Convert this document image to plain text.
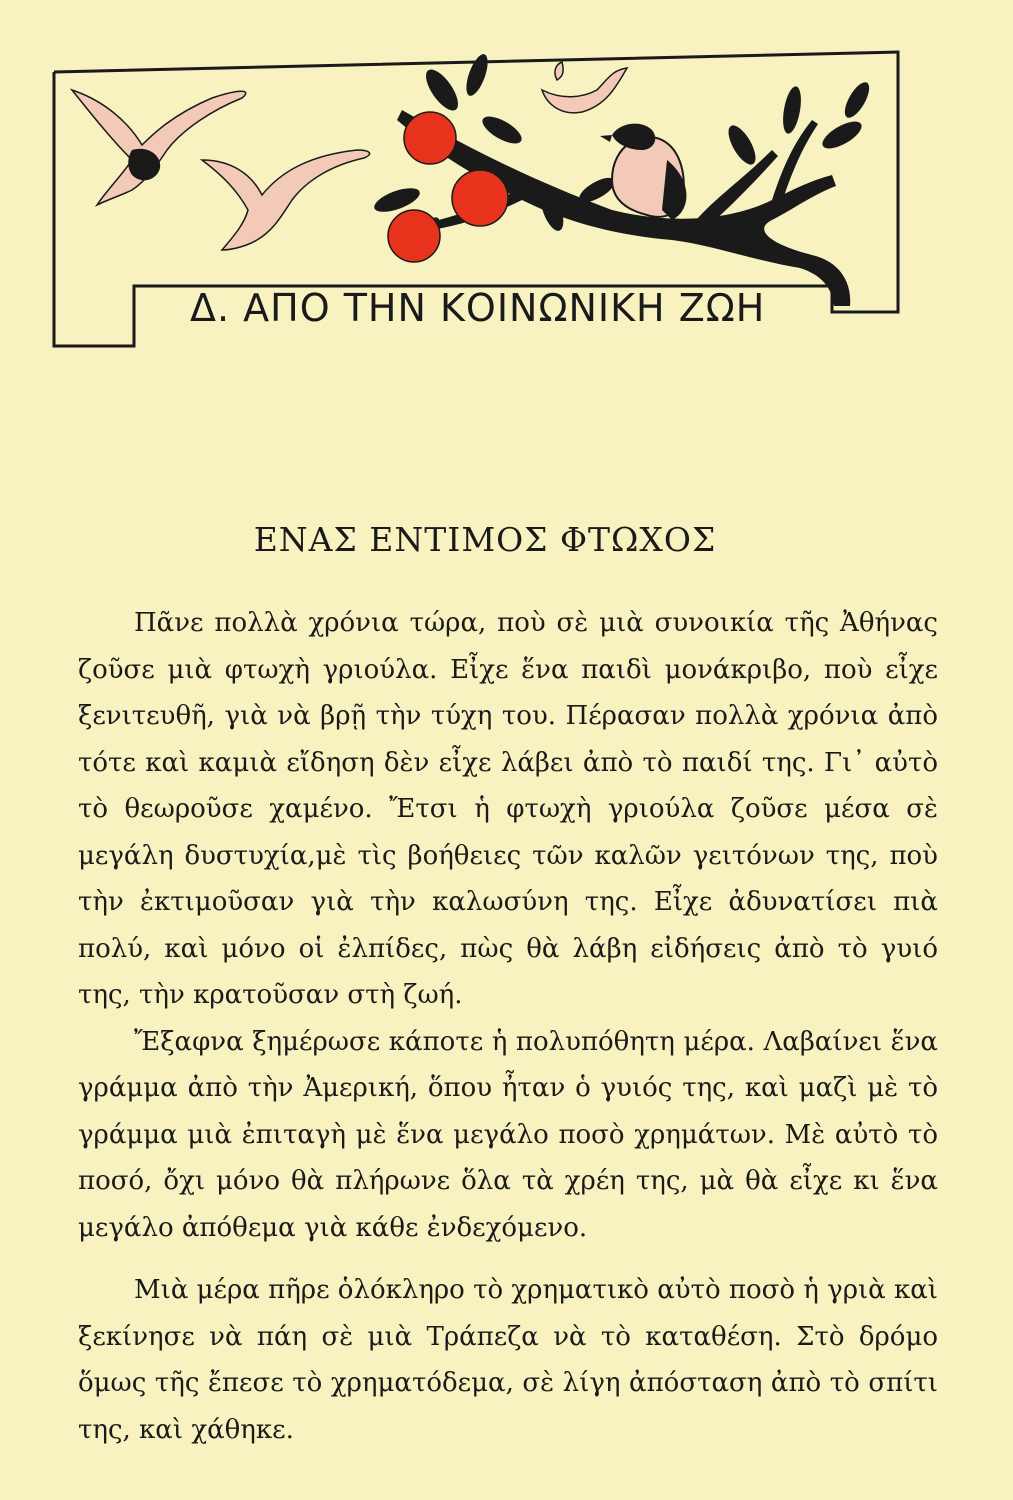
Δ. ΑΠΟ ΤΗΝ ΚΟΙΝΩΝΙΚΗ ΖΩΗ
ΕΝΑΣ ΕΝΤΙΜΟΣ ΦΤΩΧΟΣ

Πᾶνε πολλὰ χρόνια τώρα, ποὺ σὲ μιὰ συνοικία τῆς Ἀθήνας ζοῦσε μιὰ φτωχὴ γριούλα. Εἶχε ἕνα παιδὶ μονάκριβο, ποὺ εἶχε ξενιτευθῆ, γιὰ νὰ βρῇ τὴν τύχη του. Πέρασαν πολλὰ χρόνια ἀπὸ τότε καὶ καμιὰ εἴδηση δὲν εἶχε λάβει ἀπὸ τὸ παιδί της. Γι᾽ αὐτὸ τὸ θεωροῦσε χαμένο. Ἔτσι ἡ φτωχὴ γριούλα ζοῦσε μέσα σὲ μεγάλη δυστυχία,μὲ τὶς βοήθειες τῶν καλῶν γειτόνων της, ποὺ τὴν ἐκτιμοῦσαν γιὰ τὴν καλωσύνη της. Εἶχε ἀδυνατίσει πιὰ πολύ, καὶ μόνο οἱ ἐλπίδες, πὼς θὰ λάβη εἰδήσεις ἀπὸ τὸ γυιό της, τὴν κρατοῦσαν στὴ ζωή.

Ἔξαφνα ξημέρωσε κάποτε ἡ πολυπόθητη μέρα. Λαβαίνει ἕνα γράμμα ἀπὸ τὴν Ἀμερική, ὅπου ἦταν ὁ γυιός της, καὶ μαζὶ μὲ τὸ γράμμα μιὰ ἐπιταγὴ μὲ ἕνα μεγάλο ποσὸ χρημάτων. Μὲ αὐτὸ τὸ ποσό, ὄχι μόνο θὰ πλήρωνε ὅλα τὰ χρέη της, μὰ θὰ εἶχε κι ἕνα μεγάλο ἀπόθεμα γιὰ κάθε ἐνδεχόμενο.

Μιὰ μέρα πῆρε ὁλόκληρο τὸ χρηματικὸ αὐτὸ ποσὸ ἡ γριὰ καὶ ξεκίνησε νὰ πάη σὲ μιὰ Τράπεζα νὰ τὸ καταθέση. Στὸ δρόμο ὅμως τῆς ἔπεσε τὸ χρηματόδεμα, σὲ λίγη ἀπόσταση ἀπὸ τὸ σπίτι της, καὶ χάθηκε.
